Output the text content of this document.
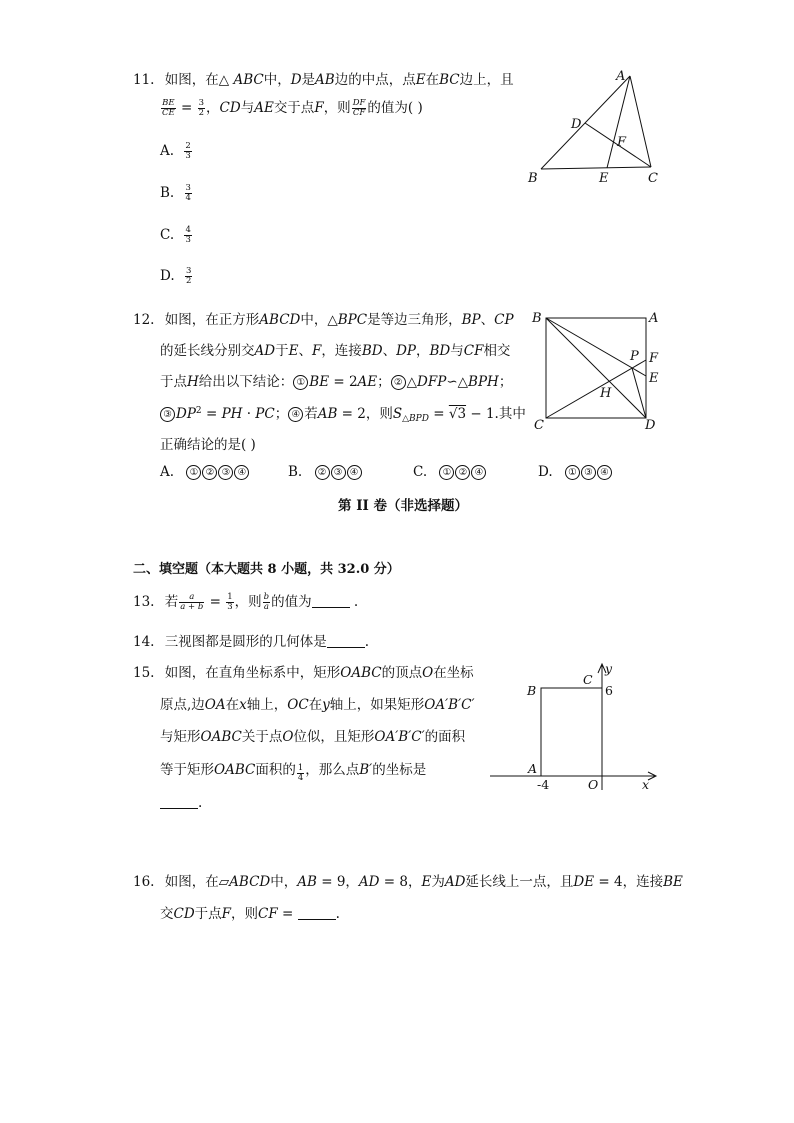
11. 如图，在△ ABC中，D是AB边的中点，点E在BC边上，且
$\frac{BE}{CE} = \frac{3}{2}$ ，CD与AE交于点F，则 $\frac{DF}{CF}$ 的值为( )
A. $\frac{2}{3}$
B. $\frac{3}{4}$
C. $\frac{4}{3}$
D. $\frac{3}{2}$
A
B	C
D
E
F
12. 如图，在正方形ABCD中，△BPC是等边三角形，BP、CP
的延长线分别交AD于E、F，连接BD、DP，BD与CF相交
于点H给出以下结论： ① BE = 2AE； ② △DFP∽△BPH；
③ $DP^2$ = PH · PC； ④ 若AB = 2，则$S_{\triangle BPD} = √3 - 1$.其中
正确结论的是( )
A. ① ② ③ ④	B. ② ③ ④	C. ① ② ④	D. ① ③ ④
B	A
C	D
F
E
P
H
第 II 卷（非选择题）
二、填空题（本大题共 8 小题，共 32.0 分）
13. 若 $\frac{a}{a + b} = \frac{1}{3}$ ，则 $\frac{b}{a}$ 的值为	.
14. 三视图都是圆形的几何体是	.
15. 如图，在直角坐标系中，矩形OABC的顶点O在坐标
原点,边OA在x轴上，OC在y轴上，如果矩形OA′B′C′
与矩形OABC关于点O位似，且矩形OA′B′C′的面积
等于矩形OABC面积的 $\frac{1}{4}$ ，那么点B′的坐标是
.
B
C
y
6
A
-4	O	x
16. 如图，在▱ABCD中，AB = 9，AD = 8，E为AD延长线上一点，且DE = 4，连接BE
交CD于点F，则CF =	.
